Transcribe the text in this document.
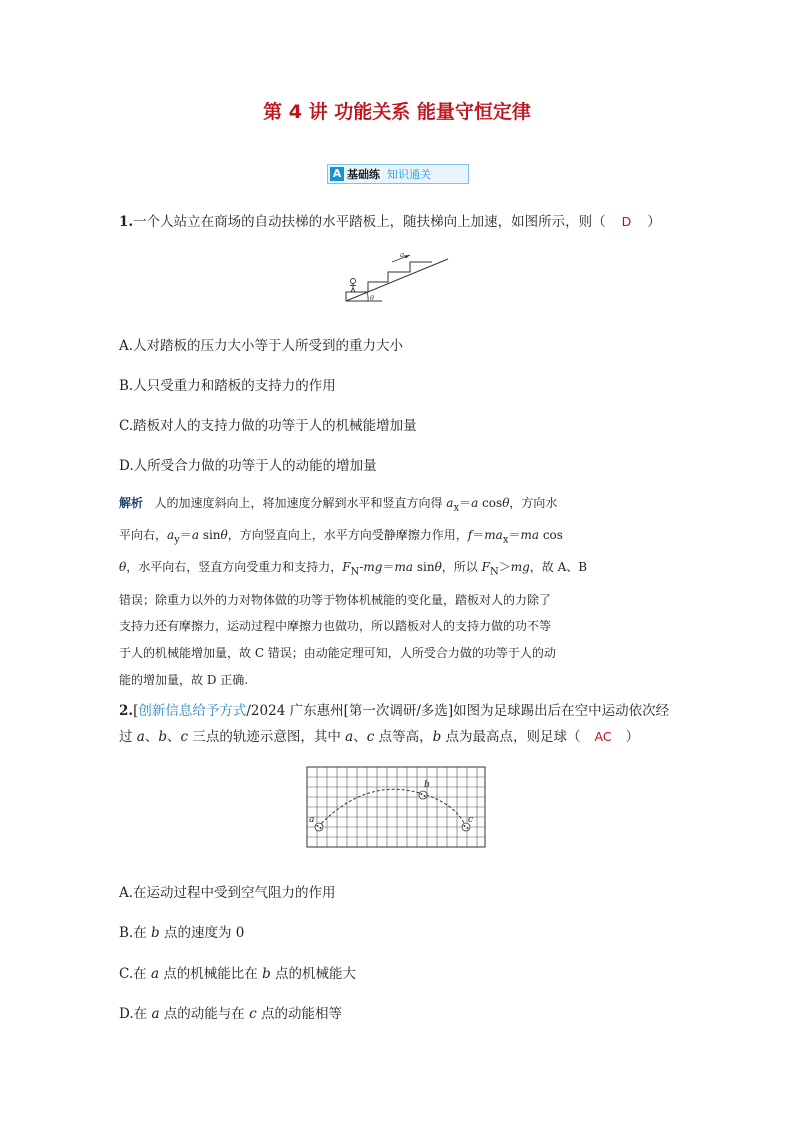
第 4 讲 功能关系 能量守恒定律
A 基础练 知识通关
1.一个人站立在商场的自动扶梯的水平踏板上，随扶梯向上加速，如图所示，则（ D ）
a
θ
A.人对踏板的压力大小等于人所受到的重力大小
B.人只受重力和踏板的支持力的作用
C.踏板对人的支持力做的功等于人的机械能增加量
D.人所受合力做的功等于人的动能的增加量
解析 人的加速度斜向上，将加速度分解到水平和竖直方向得 $a_x=a$ cosθ，方向水
平向右，$a_y=a$ sinθ，方向竖直向上，水平方向受静摩擦力作用，$f=ma_x=ma$ cos
θ，水平向右，竖直方向受重力和支持力，$F_N-mg=ma$ sinθ，所以 $F_N>mg$，故 A、B
错误；除重力以外的力对物体做的功等于物体机械能的变化量，踏板对人的力除了
支持力还有摩擦力，运动过程中摩擦力也做功，所以踏板对人的支持力做的功不等
于人的机械能增加量，故 C 错误；由动能定理可知，人所受合力做的功等于人的动
能的增加量，故 D 正确.
2.[创新信息给予方式/2024 广东惠州[第一次调研/多选]如图为足球踢出后在空中运动依次经
过 a、b、c 三点的轨迹示意图，其中 a、c 点等高，b 点为最高点，则足球（ AC ）
a
b
c
A.在运动过程中受到空气阻力的作用
B.在 b 点的速度为 0
C.在 a 点的机械能比在 b 点的机械能大
D.在 a 点的动能与在 c 点的动能相等
